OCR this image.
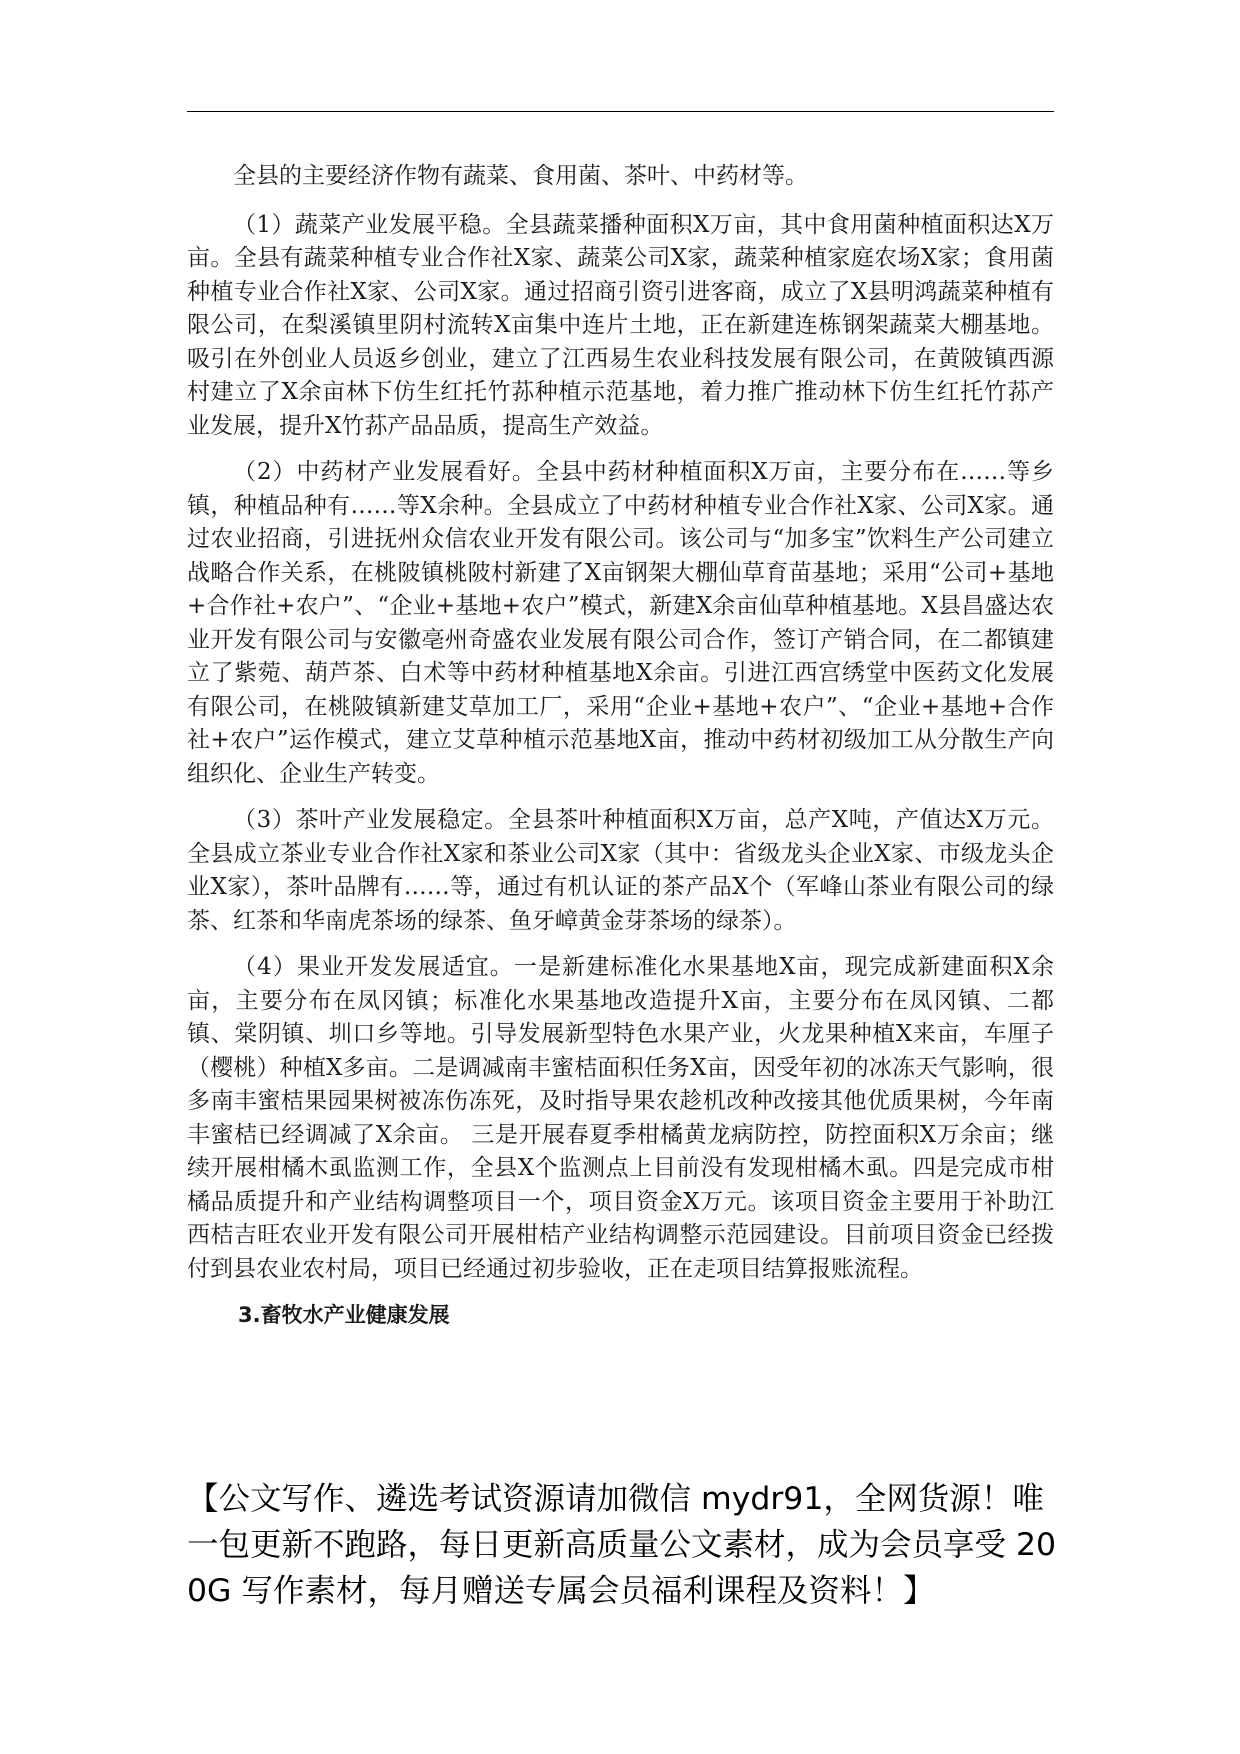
全县的主要经济作物有蔬菜、食用菌、茶叶、中药材等。

（1）蔬菜产业发展平稳。全县蔬菜播种面积X万亩，其中食用菌种植面积达X万亩。全县有蔬菜种植专业合作社X家、蔬菜公司X家，蔬菜种植家庭农场X家；食用菌种植专业合作社X家、公司X家。通过招商引资引进客商，成立了X县明鸿蔬菜种植有限公司，在梨溪镇里阴村流转X亩集中连片土地，正在新建连栋钢架蔬菜大棚基地。吸引在外创业人员返乡创业，建立了江西易生农业科技发展有限公司，在黄陂镇西源村建立了X余亩林下仿生红托竹荪种植示范基地，着力推广推动林下仿生红托竹荪产业发展，提升X竹荪产品品质，提高生产效益。

（2）中药材产业发展看好。全县中药材种植面积X万亩，主要分布在……等乡镇，种植品种有……等X余种。全县成立了中药材种植专业合作社X家、公司X家。通过农业招商，引进抚州众信农业开发有限公司。该公司与“加多宝”饮料生产公司建立战略合作关系，在桃陂镇桃陂村新建了X亩钢架大棚仙草育苗基地；采用“公司+基地+合作社+农户”、“企业+基地+农户”模式，新建X余亩仙草种植基地。X县昌盛达农业开发有限公司与安徽亳州奇盛农业发展有限公司合作，签订产销合同，在二都镇建立了紫菀、葫芦茶、白术等中药材种植基地X余亩。引进江西宫绣堂中医药文化发展有限公司，在桃陂镇新建艾草加工厂，采用“企业+基地+农户”、“企业+基地+合作社+农户”运作模式，建立艾草种植示范基地X亩，推动中药材初级加工从分散生产向组织化、企业生产转变。

（3）茶叶产业发展稳定。全县茶叶种植面积X万亩，总产X吨，产值达X万元。全县成立茶业专业合作社X家和茶业公司X家（其中：省级龙头企业X家、市级龙头企业X家），茶叶品牌有……等，通过有机认证的茶产品X个（军峰山茶业有限公司的绿茶、红茶和华南虎茶场的绿茶、鱼牙嶂黄金芽茶场的绿茶）。

（4）果业开发发展适宜。一是新建标准化水果基地X亩，现完成新建面积X余亩，主要分布在凤冈镇；标准化水果基地改造提升X亩，主要分布在凤冈镇、二都镇、棠阴镇、圳口乡等地。引导发展新型特色水果产业，火龙果种植X来亩，车厘子（樱桃）种植X多亩。二是调减南丰蜜桔面积任务X亩，因受年初的冰冻天气影响，很多南丰蜜桔果园果树被冻伤冻死，及时指导果农趁机改种改接其他优质果树，今年南丰蜜桔已经调减了X余亩。 三是开展春夏季柑橘黄龙病防控，防控面积X万余亩；继续开展柑橘木虱监测工作，全县X个监测点上目前没有发现柑橘木虱。四是完成市柑橘品质提升和产业结构调整项目一个，项目资金X万元。该项目资金主要用于补助江西桔吉旺农业开发有限公司开展柑桔产业结构调整示范园建设。目前项目资金已经拨付到县农业农村局，项目已经通过初步验收，正在走项目结算报账流程。

3.畜牧水产业健康发展

【公文写作、遴选考试资源请加微信 mydr91，全网货源！唯一包更新不跑路，每日更新高质量公文素材，成为会员享受 200G 写作素材，每月赠送专属会员福利课程及资料！】
